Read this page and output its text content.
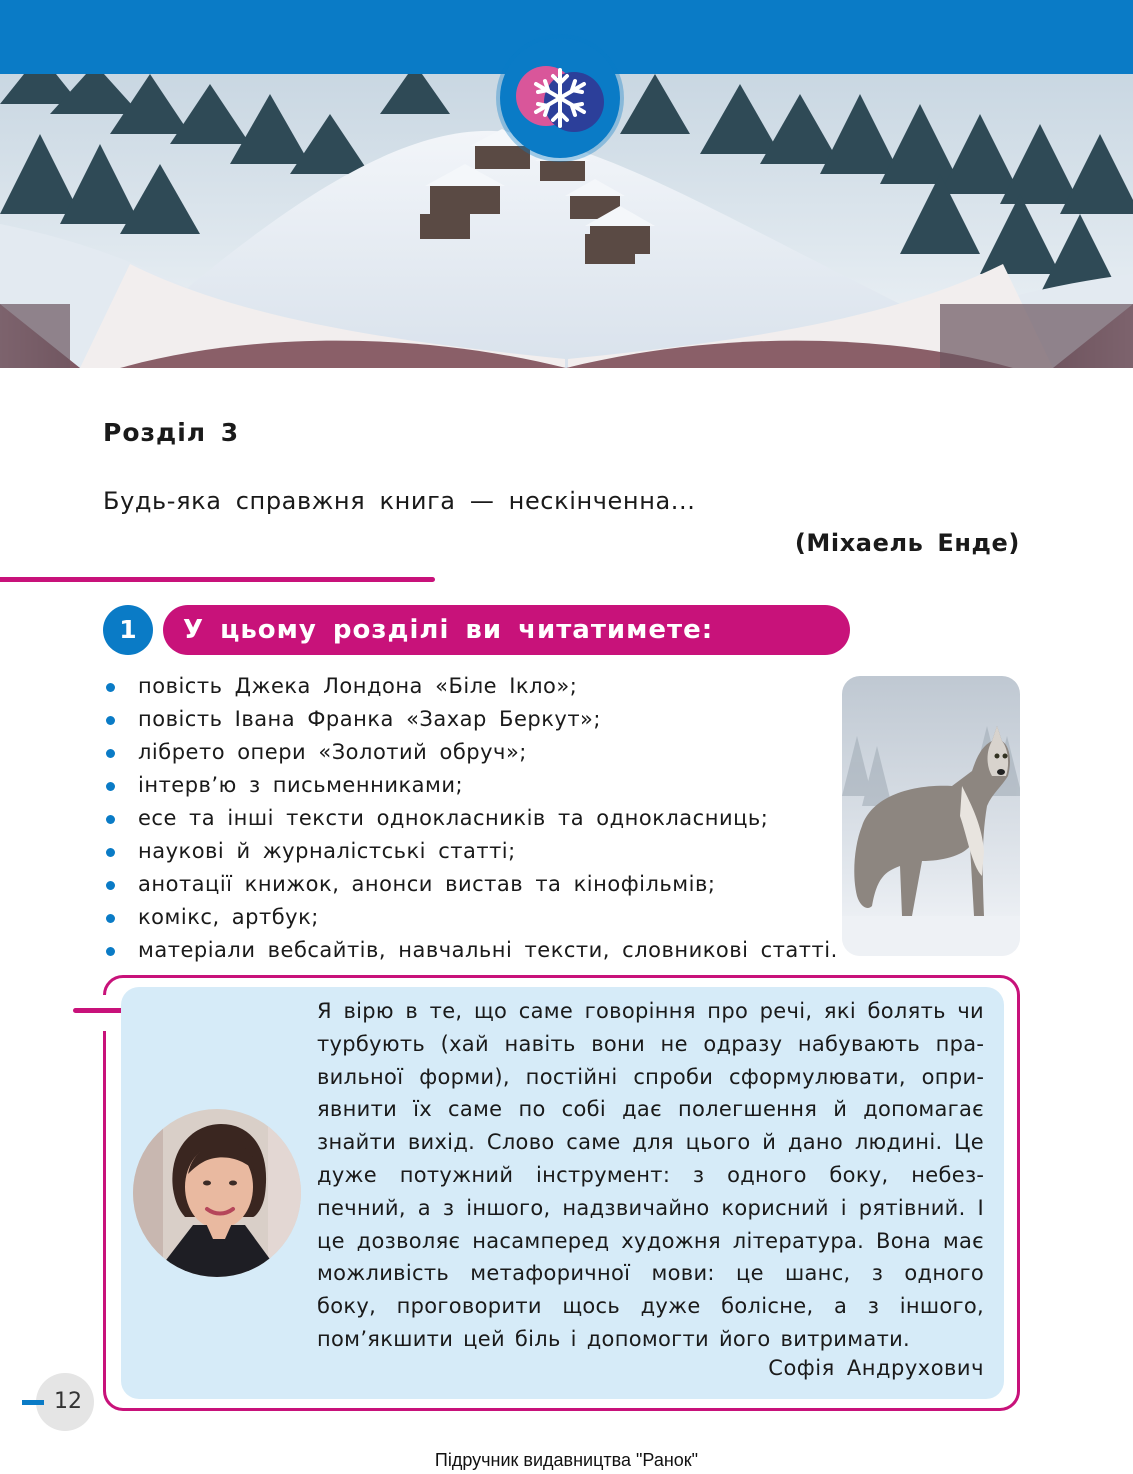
Розділ 3
Будь-яка справжня книга — нескінченна...
(Міхаель Енде)
1	У цьому розділі ви читатимете:
повість Джека Лондона «Біле Ікло»;
повість Івана Франка «Захар Беркут»;
лібрето опери «Золотий обруч»;
інтерв’ю з письменниками;
есе та інші тексти однокласників та однокласниць;
наукові й журналістські статті;
анотації книжок, анонси вистав та кінофільмів;
комікс, артбук;
матеріали вебсайтів, навчальні тексти, словникові статті.
Я вірю в те, що саме говоріння про речі, які болять чи турбують (хай навіть вони не одразу набувають правильної форми), постійні спроби сформулювати, оприявнити їх саме по собі дає полегшення й допомагає знайти вихід. Слово саме для цього й дано людині. Це дуже потужний інструмент: з одного боку, небезпечний, а з іншого, надзвичайно корисний і рятівний. І це дозволяє насамперед художня література. Вона має можливість метафоричної мови: це шанс, з одного боку, проговорити щось дуже болісне, а з іншого, пом’якшити цей біль і допомогти його витримати.
Софія Андрухович
12
Підручник видавництва "Ранок"
